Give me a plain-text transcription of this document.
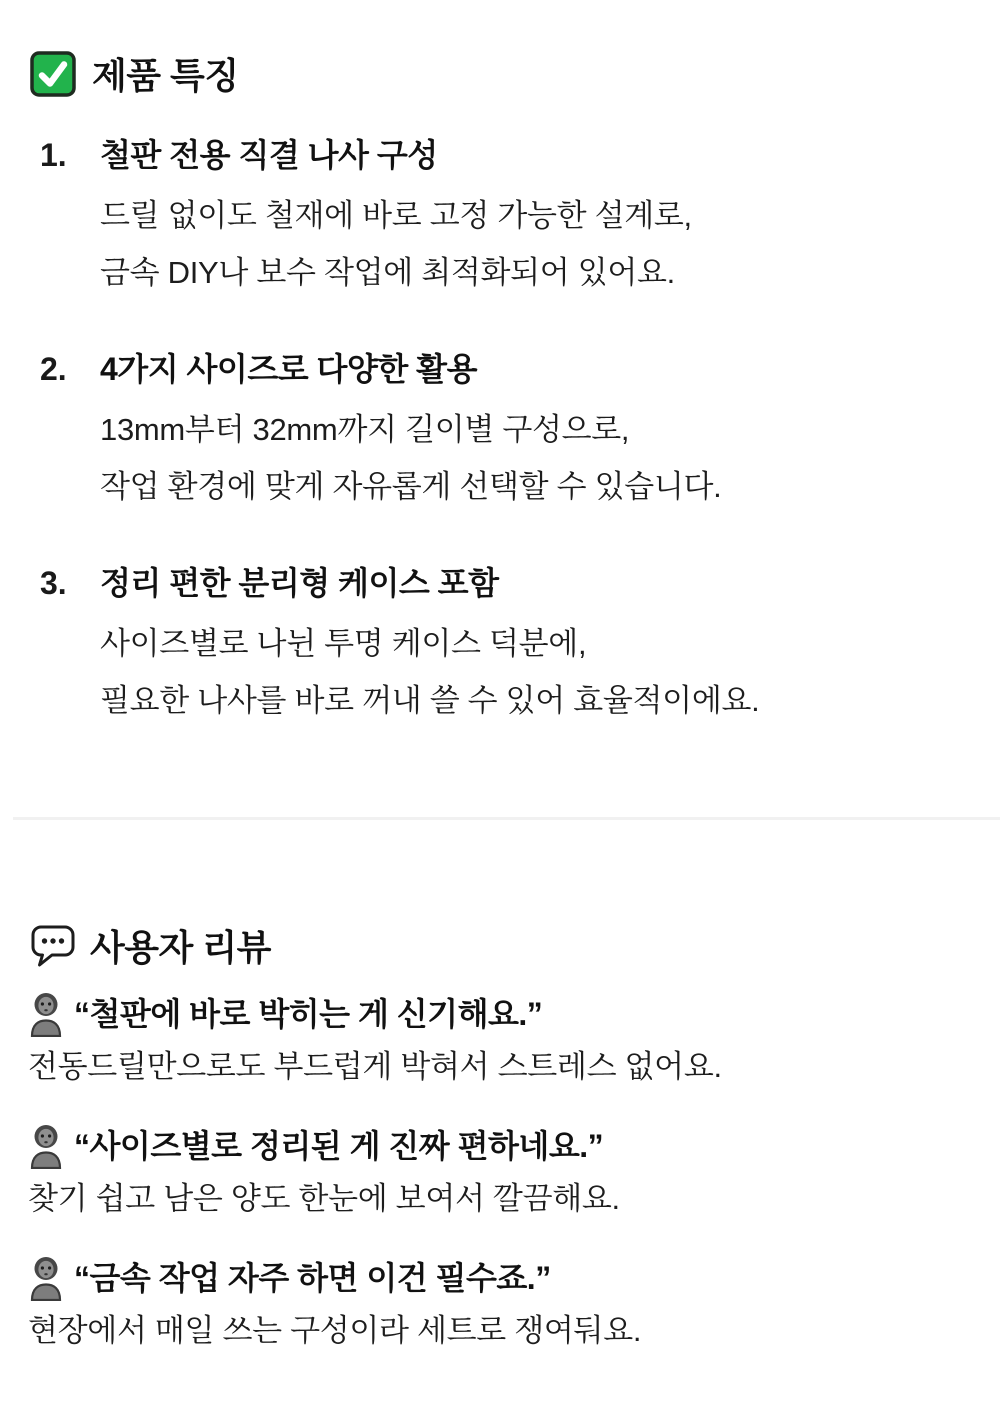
제품 특징
1.	철판 전용 직결 나사 구성
드릴 없이도 철재에 바로 고정 가능한 설계로,
금속 DIY나 보수 작업에 최적화되어 있어요.
2.	4가지 사이즈로 다양한 활용
13mm부터 32mm까지 길이별 구성으로,
작업 환경에 맞게 자유롭게 선택할 수 있습니다.
3.	정리 편한 분리형 케이스 포함
사이즈별로 나뉜 투명 케이스 덕분에,
필요한 나사를 바로 꺼내 쓸 수 있어 효율적이에요.
사용자 리뷰
“철판에 바로 박히는 게 신기해요.”
전동드릴만으로도 부드럽게 박혀서 스트레스 없어요.
“사이즈별로 정리된 게 진짜 편하네요.”
찾기 쉽고 남은 양도 한눈에 보여서 깔끔해요.
“금속 작업 자주 하면 이건 필수죠.”
현장에서 매일 쓰는 구성이라 세트로 쟁여둬요.
